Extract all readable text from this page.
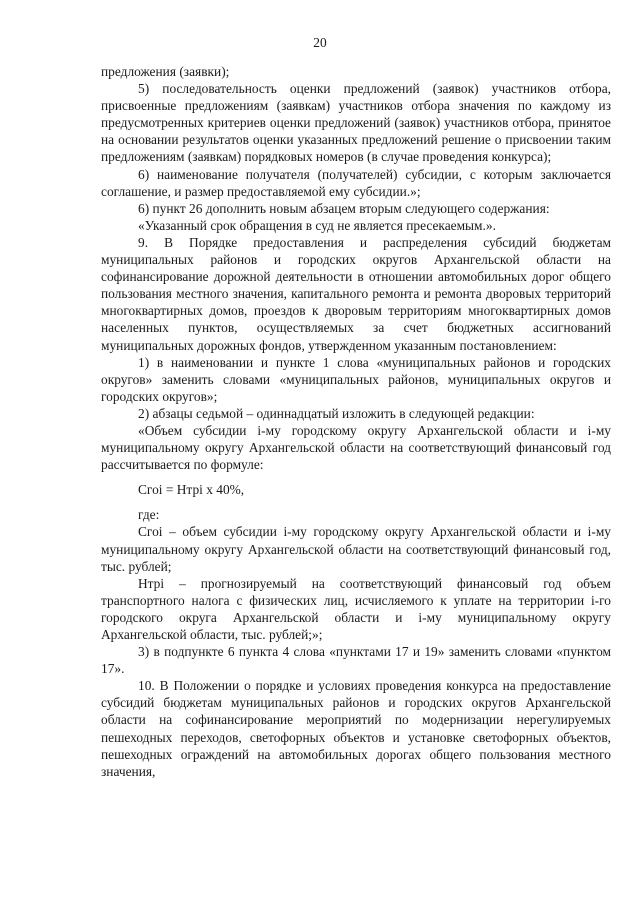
20

предложения (заявки);

5) последовательность оценки предложений (заявок) участников отбора, присвоенные предложениям (заявкам) участников отбора значения по каждому из предусмотренных критериев оценки предложений (заявок) участников отбора, принятое на основании результатов оценки указанных предложений решение о присвоении таким предложениям (заявкам) порядковых номеров (в случае проведения конкурса);

6) наименование получателя (получателей) субсидии, с которым заключается соглашение, и размер предоставляемой ему субсидии.»;

6) пункт 26 дополнить новым абзацем вторым следующего содержания:

«Указанный срок обращения в суд не является пресекаемым.».

9. В Порядке предоставления и распределения субсидий бюджетам муниципальных районов и городских округов Архангельской области на софинансирование дорожной деятельности в отношении автомобильных дорог общего пользования местного значения, капитального ремонта и ремонта дворовых территорий многоквартирных домов, проездов к дворовым территориям многоквартирных домов населенных пунктов, осуществляемых за счет бюджетных ассигнований муниципальных дорожных фондов, утвержденном указанным постановлением:

1) в наименовании и пункте 1 слова «муниципальных районов и городских округов» заменить словами «муниципальных районов, муниципальных округов и городских округов»;

2) абзацы седьмой – одиннадцатый изложить в следующей редакции:

«Объем субсидии i-му городскому округу Архангельской области и i-му муниципальному округу Архангельской области на соответствующий финансовый год рассчитывается по формуле:

Сгоi = Нтрi x 40%,

где:

Сгоi – объем субсидии i-му городскому округу Архангельской области и i-му муниципальному округу Архангельской области на соответствующий финансовый год, тыс. рублей;

Нтрi – прогнозируемый на соответствующий финансовый год объем транспортного налога с физических лиц, исчисляемого к уплате на территории i-го городского округа Архангельской области и i-му муниципальному округу Архангельской области, тыс. рублей;»;

3) в подпункте 6 пункта 4 слова «пунктами 17 и 19» заменить словами «пунктом 17».

10. В Положении о порядке и условиях проведения конкурса на предоставление субсидий бюджетам муниципальных районов и городских округов Архангельской области на софинансирование мероприятий по модернизации нерегулируемых пешеходных переходов, светофорных объектов и установке светофорных объектов, пешеходных ограждений на автомобильных дорогах общего пользования местного значения,
